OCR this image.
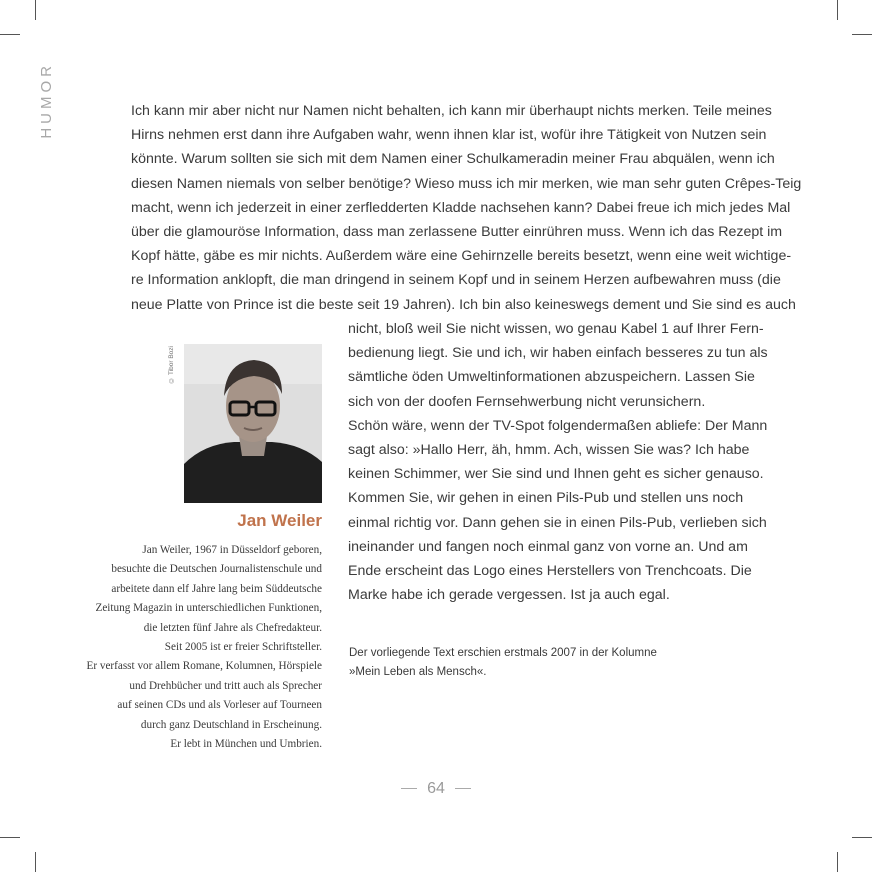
HUMOR	Ich kann mir aber nicht nur Namen nicht behalten, ich kann mir überhaupt nichts merken. Teile meines
Hirns nehmen erst dann ihre Aufgaben wahr, wenn ihnen klar ist, wofür ihre Tätigkeit von Nutzen sein
könnte. Warum sollten sie sich mit dem Namen einer Schulkameradin meiner Frau abquälen, wenn ich
diesen Namen niemals von selber benötige? Wieso muss ich mir merken, wie man sehr guten Crêpes-Teig
macht, wenn ich jederzeit in einer zerfledderten Kladde nachsehen kann? Dabei freue ich mich jedes Mal
über die glamouröse Information, dass man zerlassene Butter einrühren muss. Wenn ich das Rezept im
Kopf hätte, gäbe es mir nichts. Außerdem wäre eine Gehirnzelle bereits besetzt, wenn eine weit wichtige-
re Information anklopft, die man dringend in seinem Kopf und in seinem Herzen aufbewahren muss (die
neue Platte von Prince ist die beste seit 19 Jahren). Ich bin also keineswegs dement und Sie sind es auch
© Tibor Bozi
Jan Weiler
Jan Weiler, 1967 in Düsseldorf geboren,
besuchte die Deutschen Journalistenschule und
arbeitete dann elf Jahre lang beim Süddeutsche
Zeitung Magazin in unterschiedlichen Funktionen,
die letzten fünf Jahre als Chefredakteur.
Seit 2005 ist er freier Schriftsteller.
Er verfasst vor allem Romane, Kolumnen, Hörspiele
und Drehbücher und tritt auch als Sprecher
auf seinen CDs und als Vorleser auf Tourneen
durch ganz Deutschland in Erscheinung.
Er lebt in München und Umbrien.
nicht, bloß weil Sie nicht wissen, wo genau Kabel 1 auf Ihrer Fern-
bedienung liegt. Sie und ich, wir haben einfach besseres zu tun als
sämtliche öden Umweltinformationen abzuspeichern. Lassen Sie
sich von der doofen Fernsehwerbung nicht verunsichern.
Schön wäre, wenn der TV-Spot folgendermaßen abliefe: Der Mann
sagt also: »Hallo Herr, äh, hmm. Ach, wissen Sie was? Ich habe
keinen Schimmer, wer Sie sind und Ihnen geht es sicher genauso.
Kommen Sie, wir gehen in einen Pils-Pub und stellen uns noch
einmal richtig vor. Dann gehen sie in einen Pils-Pub, verlieben sich
ineinander und fangen noch einmal ganz von vorne an. Und am
Ende erscheint das Logo eines Herstellers von Trenchcoats. Die
Marke habe ich gerade vergessen. Ist ja auch egal.
Der vorliegende Text erschien erstmals 2007 in der Kolumne
»Mein Leben als Mensch«.
64
